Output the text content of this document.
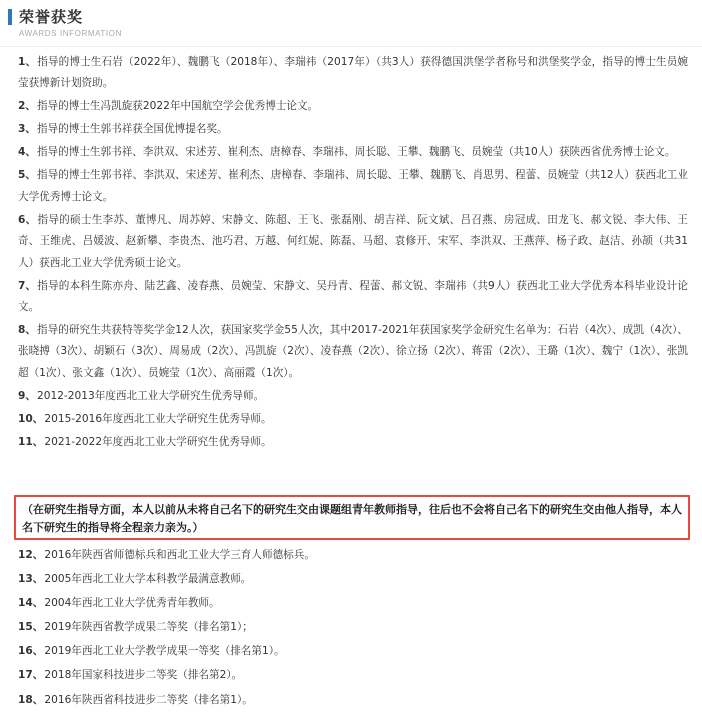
荣誉获奖
AWARDS INFORMATION
1、指导的博士生石岩（2022年）、魏鹏飞（2018年）、李瑞祎（2017年）（共3人）获得德国洪堡学者称号和洪堡奖学金，指导的博士生员婉莹获博新计划资助。
2、指导的博士生冯凯旋获2022年中国航空学会优秀博士论文。
3、指导的博士生郭书祥获全国优博提名奖。
4、指导的博士生郭书祥、李洪双、宋述芳、崔利杰、唐樟春、李瑞祎、周长聪、王攀、魏鹏飞、员婉莹（共10人）获陕西省优秀博士论文。
5、指导的博士生郭书祥、李洪双、宋述芳、崔利杰、唐樟春、李瑞祎、周长聪、王攀、魏鹏飞、肖思男、程蕾、员婉莹（共12人）获西北工业大学优秀博士论文。
6、指导的硕士生李苏、董博凡、周苏婷、宋静文、陈超、王飞、张磊刚、胡吉祥、阮文斌、吕召燕、房冠成、田龙飞、郝文锐、李大伟、王奇、王维虎、吕媛波、赵新攀、李贵杰、池巧君、万越、何红妮、陈磊、马超、袁修开、宋军、李洪双、王燕萍、杨子政、赵洁、孙颉（共31人）获西北工业大学优秀硕士论文。
7、指导的本科生陈亦舟、陆艺鑫、凌春燕、员婉莹、宋静文、吴丹青、程蕾、郝文锐、李瑞祎（共9人）获西北工业大学优秀本科毕业设计论文。
8、指导的研究生共获特等奖学金12人次，获国家奖学金55人次，其中2017-2021年获国家奖学金研究生名单为：石岩（4次）、成凯（4次）、张晓搏（3次）、胡颖石（3次）、周易成（2次）、冯凯旋（2次）、凌春燕（2次）、徐立扬（2次）、蒋雷（2次）、王璐（1次）、魏宁（1次）、张凯超（1次）、张文鑫（1次）、员婉莹（1次）、高丽霞（1次）。
9、2012-2013年度西北工业大学研究生优秀导师。
10、2015-2016年度西北工业大学研究生优秀导师。
11、2021-2022年度西北工业大学研究生优秀导师。
（在研究生指导方面，本人以前从未将自己名下的研究生交由课题组青年教师指导，往后也不会将自己名下的研究生交由他人指导，本人名下研究生的指导将全程亲力亲为。）
12、2016年陕西省师德标兵和西北工业大学三育人师德标兵。
13、2005年西北工业大学本科教学最满意教师。
14、2004年西北工业大学优秀青年教师。
15、2019年陕西省教学成果二等奖（排名第1）；
16、2019年西北工业大学教学成果一等奖（排名第1）。
17、2018年国家科技进步二等奖（排名第2）。
18、2016年陕西省科技进步二等奖（排名第1）。
